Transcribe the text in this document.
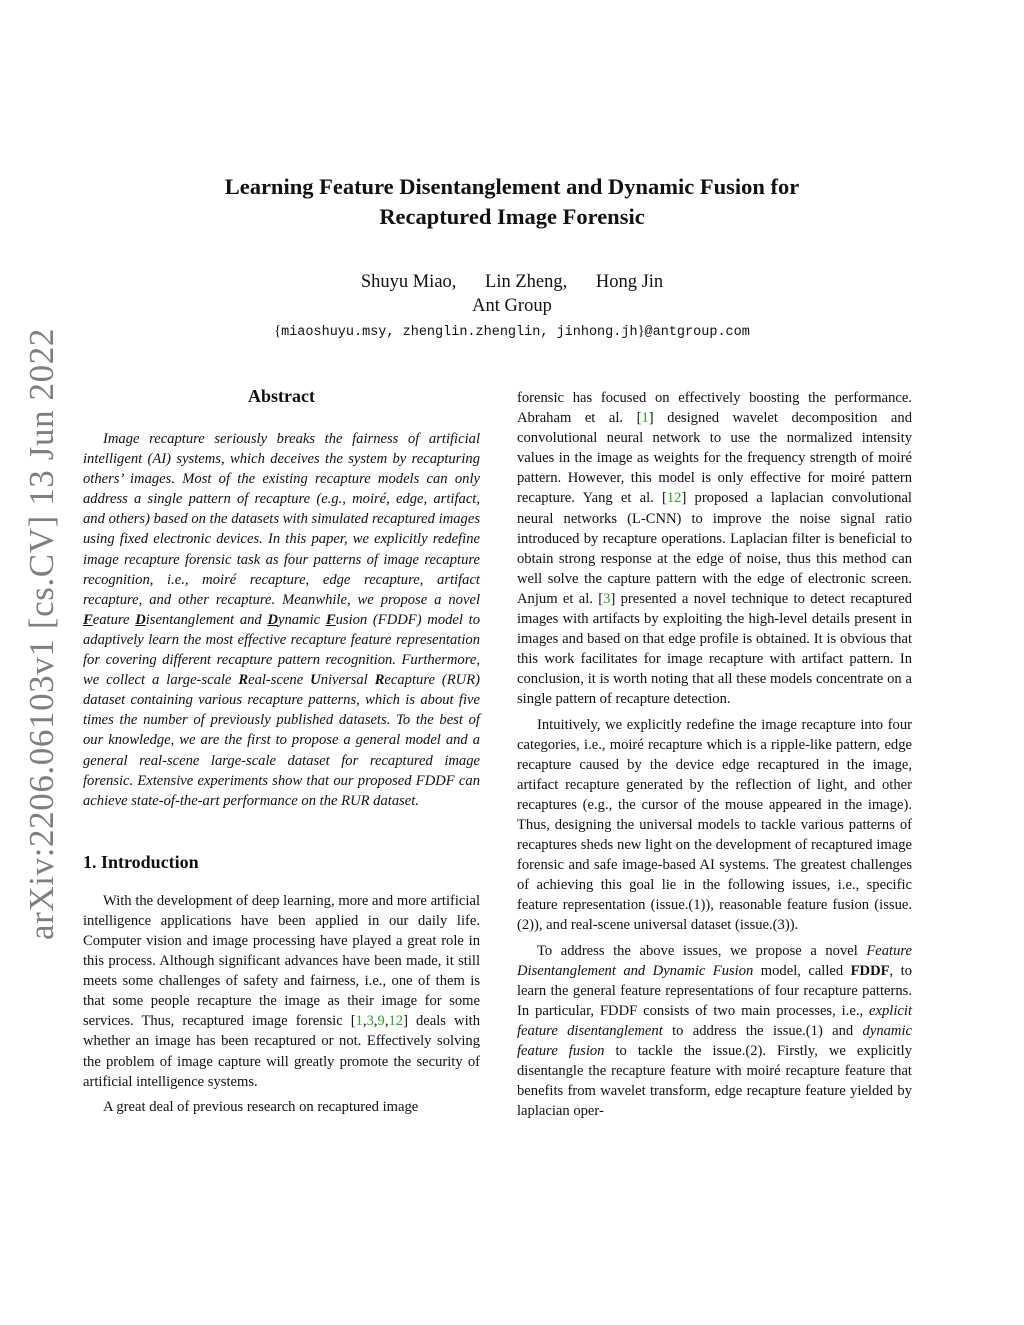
arXiv:2206.06103v1 [cs.CV] 13 Jun 2022
Learning Feature Disentanglement and Dynamic Fusion for
Recaptured Image Forensic
Shuyu Miao, Lin Zheng, Hong Jin
Ant Group
{miaoshuyu.msy, zhenglin.zhenglin, jinhong.jh}@antgroup.com
Abstract

Image recapture seriously breaks the fairness of artificial intelligent (AI) systems, which deceives the system by recapturing others’ images. Most of the existing recapture models can only address a single pattern of recapture (e.g., moiré, edge, artifact, and others) based on the datasets with simulated recaptured images using fixed electronic devices. In this paper, we explicitly redefine image recapture forensic task as four patterns of image recapture recognition, i.e., moiré recapture, edge recapture, artifact recapture, and other recapture. Meanwhile, we propose a novel Feature Disentanglement and Dynamic Fusion (FDDF) model to adaptively learn the most effective recapture feature representation for covering different recapture pattern recognition. Furthermore, we collect a large-scale Real-scene Universal Recapture (RUR) dataset containing various recapture patterns, which is about five times the number of previously published datasets. To the best of our knowledge, we are the first to propose a general model and a general real-scene large-scale dataset for recaptured image forensic. Extensive experiments show that our proposed FDDF can achieve state-of-the-art performance on the RUR dataset.

1. Introduction

With the development of deep learning, more and more artificial intelligence applications have been applied in our daily life. Computer vision and image processing have played a great role in this process. Although significant advances have been made, it still meets some challenges of safety and fairness, i.e., one of them is that some people recapture the image as their image for some services. Thus, recaptured image forensic [1,3,9,12] deals with whether an image has been recaptured or not. Effectively solving the problem of image capture will greatly promote the security of artificial intelligence systems.

A great deal of previous research on recaptured image

forensic has focused on effectively boosting the performance. Abraham et al. [1] designed wavelet decomposition and convolutional neural network to use the normalized intensity values in the image as weights for the frequency strength of moiré pattern. However, this model is only effective for moiré pattern recapture. Yang et al. [12] proposed a laplacian convolutional neural networks (L-CNN) to improve the noise signal ratio introduced by recapture operations. Laplacian filter is beneficial to obtain strong response at the edge of noise, thus this method can well solve the capture pattern with the edge of electronic screen. Anjum et al. [3] presented a novel technique to detect recaptured images with artifacts by exploiting the high-level details present in images and based on that edge profile is obtained. It is obvious that this work facilitates for image recapture with artifact pattern. In conclusion, it is worth noting that all these models concentrate on a single pattern of recapture detection.

Intuitively, we explicitly redefine the image recapture into four categories, i.e., moiré recapture which is a ripple-like pattern, edge recapture caused by the device edge recaptured in the image, artifact recapture generated by the reflection of light, and other recaptures (e.g., the cursor of the mouse appeared in the image). Thus, designing the universal models to tackle various patterns of recaptures sheds new light on the development of recaptured image forensic and safe image-based AI systems. The greatest challenges of achieving this goal lie in the following issues, i.e., specific feature representation (issue.(1)), reasonable feature fusion (issue.(2)), and real-scene universal dataset (issue.(3)).

To address the above issues, we propose a novel Feature Disentanglement and Dynamic Fusion model, called FDDF, to learn the general feature representations of four recapture patterns. In particular, FDDF consists of two main processes, i.e., explicit feature disentanglement to address the issue.(1) and dynamic feature fusion to tackle the issue.(2). Firstly, we explicitly disentangle the recapture feature with moiré recapture feature that benefits from wavelet transform, edge recapture feature yielded by laplacian oper-
